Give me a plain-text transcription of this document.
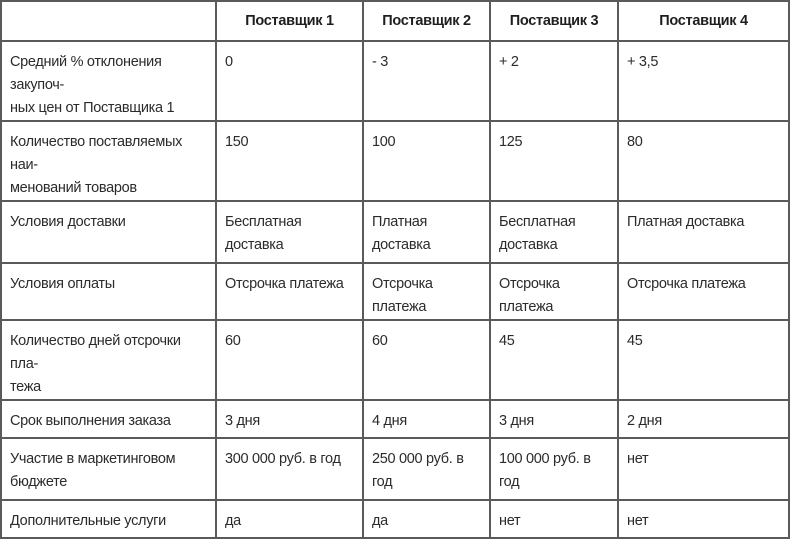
	Поставщик 1	Поставщик 2	Поставщик 3	Поставщик 4
Средний % отклонения закупоч-
ных цен от Поставщика 1	0	- 3	+ 2	+ 3,5
Количество поставляемых наи-
менований товаров	150	100	125	80
Условия доставки	Бесплатная доставка	Платная доставка	Бесплатная доставка	Платная доставка
Условия оплаты	Отсрочка платежа	Отсрочка платежа	Отсрочка платежа	Отсрочка платежа
Количество дней отсрочки пла-
тежа	60	60	45	45
Срок выполнения заказа	3 дня	4 дня	3 дня	2 дня
Участие в маркетинговом
бюджете	300 000 руб. в год	250 000 руб. в год	100 000 руб. в год	нет
Дополнительные услуги	да	да	нет	нет
